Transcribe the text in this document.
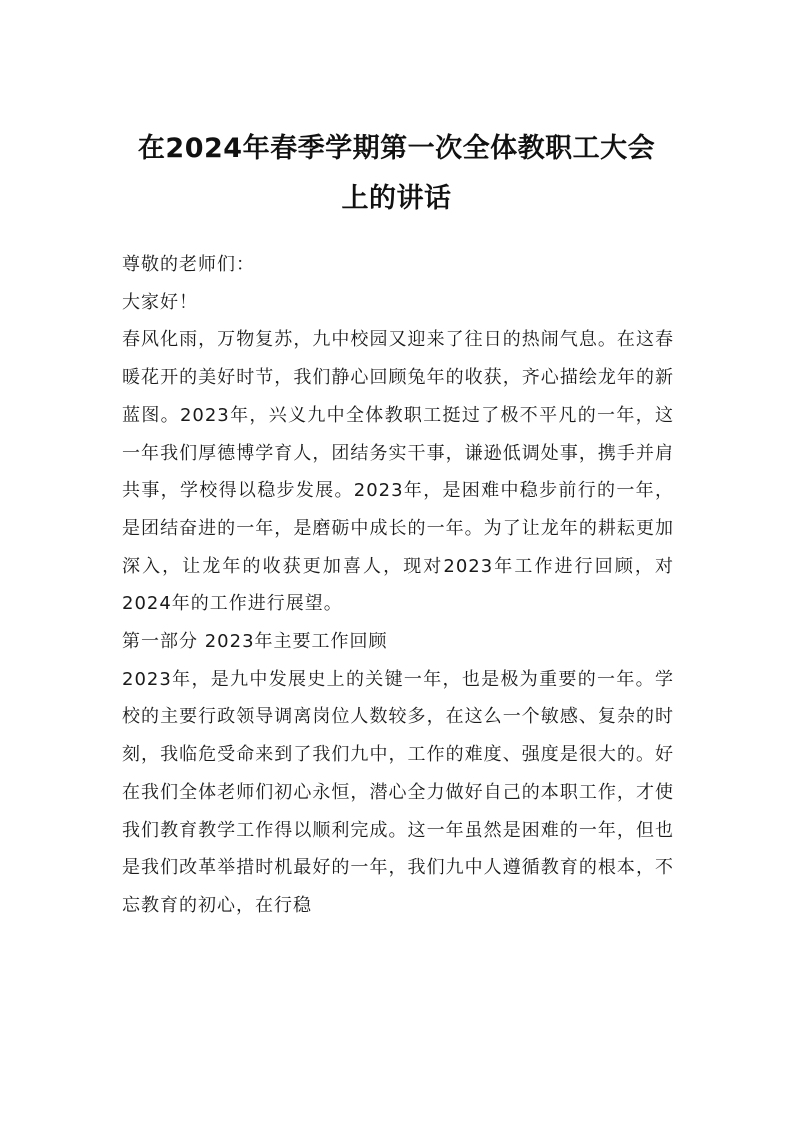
在2024年春季学期第一次全体教职工大会
上的讲话

尊敬的老师们：

大家好！

春风化雨，万物复苏，九中校园又迎来了往日的热闹气息。在这春暖花开的美好时节，我们静心回顾兔年的收获，齐心描绘龙年的新蓝图。2023年，兴义九中全体教职工挺过了极不平凡的一年，这一年我们厚德博学育人，团结务实干事，谦逊低调处事，携手并肩共事，学校得以稳步发展。2023年，是困难中稳步前行的一年，是团结奋进的一年，是磨砺中成长的一年。为了让龙年的耕耘更加深入，让龙年的收获更加喜人，现对2023年工作进行回顾，对2024年的工作进行展望。

第一部分 2023年主要工作回顾

2023年，是九中发展史上的关键一年，也是极为重要的一年。学校的主要行政领导调离岗位人数较多，在这么一个敏感、复杂的时刻，我临危受命来到了我们九中，工作的难度、强度是很大的。好在我们全体老师们初心永恒，潜心全力做好自己的本职工作，才使我们教育教学工作得以顺利完成。这一年虽然是困难的一年，但也是我们改革举措时机最好的一年，我们九中人遵循教育的根本，不忘教育的初心，在行稳
